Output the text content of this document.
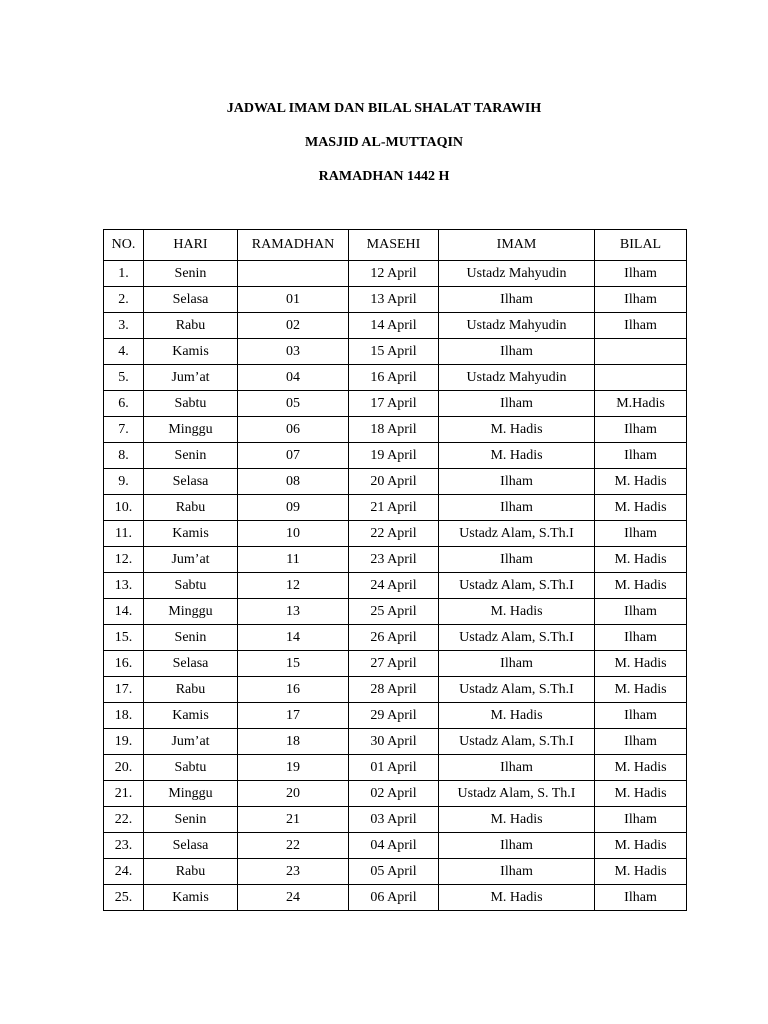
JADWAL IMAM DAN BILAL SHALAT TARAWIH
MASJID AL-MUTTAQIN
RAMADHAN 1442 H
NO.	HARI	RAMADHAN	MASEHI	IMAM	BILAL
1.	Senin		12 April	Ustadz Mahyudin	Ilham
2.	Selasa	01	13 April	Ilham	Ilham
3.	Rabu	02	14 April	Ustadz Mahyudin	Ilham
4.	Kamis	03	15 April	Ilham	
5.	Jum’at	04	16 April	Ustadz Mahyudin	
6.	Sabtu	05	17 April	Ilham	M.Hadis
7.	Minggu	06	18 April	M. Hadis	Ilham
8.	Senin	07	19 April	M. Hadis	Ilham
9.	Selasa	08	20 April	Ilham	M. Hadis
10.	Rabu	09	21 April	Ilham	M. Hadis
11.	Kamis	10	22 April	Ustadz Alam, S.Th.I	Ilham
12.	Jum’at	11	23 April	Ilham	M. Hadis
13.	Sabtu	12	24 April	Ustadz Alam, S.Th.I	M. Hadis
14.	Minggu	13	25 April	M. Hadis	Ilham
15.	Senin	14	26 April	Ustadz Alam, S.Th.I	Ilham
16.	Selasa	15	27 April	Ilham	M. Hadis
17.	Rabu	16	28 April	Ustadz Alam, S.Th.I	M. Hadis
18.	Kamis	17	29 April	M. Hadis	Ilham
19.	Jum’at	18	30 April	Ustadz Alam, S.Th.I	Ilham
20.	Sabtu	19	01 April	Ilham	M. Hadis
21.	Minggu	20	02 April	Ustadz Alam, S. Th.I	M. Hadis
22.	Senin	21	03 April	M. Hadis	Ilham
23.	Selasa	22	04 April	Ilham	M. Hadis
24.	Rabu	23	05 April	Ilham	M. Hadis
25.	Kamis	24	06 April	M. Hadis	Ilham
